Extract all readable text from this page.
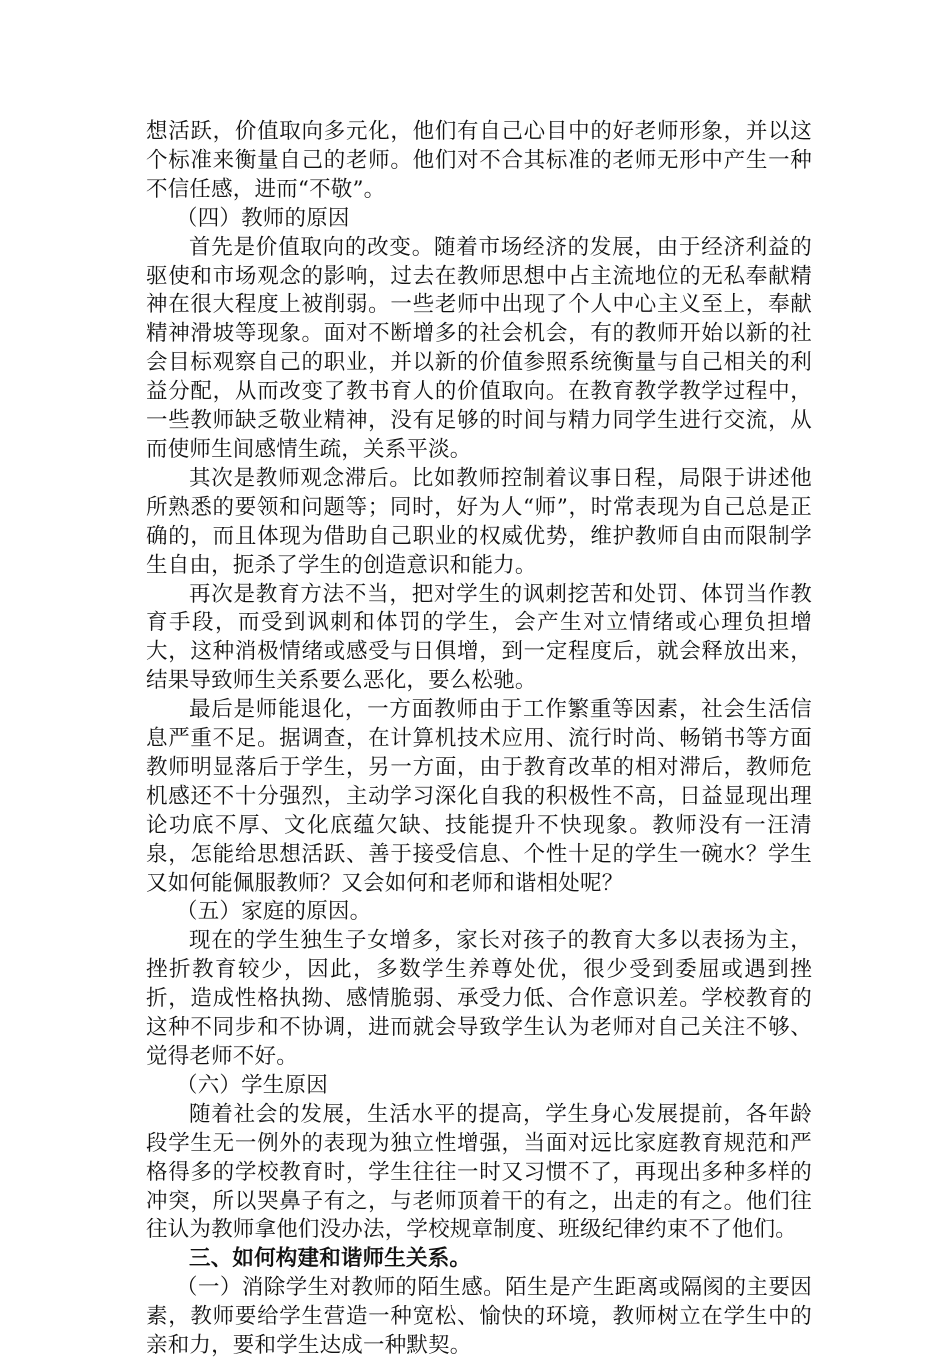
想活跃，价值取向多元化，他们有自己心目中的好老师形象，并以这个标准来衡量自己的老师。他们对不合其标准的老师无形中产生一种不信任感，进而“不敬”。

（四）教师的原因

首先是价值取向的改变。随着市场经济的发展，由于经济利益的驱使和市场观念的影响，过去在教师思想中占主流地位的无私奉献精神在很大程度上被削弱。一些老师中出现了个人中心主义至上，奉献精神滑坡等现象。面对不断增多的社会机会，有的教师开始以新的社会目标观察自己的职业，并以新的价值参照系统衡量与自己相关的利益分配，从而改变了教书育人的价值取向。在教育教学教学过程中，一些教师缺乏敬业精神，没有足够的时间与精力同学生进行交流，从而使师生间感情生疏，关系平淡。

其次是教师观念滞后。比如教师控制着议事日程，局限于讲述他所熟悉的要领和问题等；同时，好为人“师”，时常表现为自己总是正确的，而且体现为借助自己职业的权威优势，维护教师自由而限制学生自由，扼杀了学生的创造意识和能力。

再次是教育方法不当，把对学生的讽刺挖苦和处罚、体罚当作教育手段，而受到讽刺和体罚的学生，会产生对立情绪或心理负担增大，这种消极情绪或感受与日俱增，到一定程度后，就会释放出来，结果导致师生关系要么恶化，要么松驰。

最后是师能退化，一方面教师由于工作繁重等因素，社会生活信息严重不足。据调查，在计算机技术应用、流行时尚、畅销书等方面教师明显落后于学生，另一方面，由于教育改革的相对滞后，教师危机感还不十分强烈，主动学习深化自我的积极性不高，日益显现出理论功底不厚、文化底蕴欠缺、技能提升不快现象。教师没有一汪清泉，怎能给思想活跃、善于接受信息、个性十足的学生一碗水？学生又如何能佩服教师？又会如何和老师和谐相处呢？

（五）家庭的原因。

现在的学生独生子女增多，家长对孩子的教育大多以表扬为主，挫折教育较少，因此，多数学生养尊处优，很少受到委屈或遇到挫折，造成性格执拗、感情脆弱、承受力低、合作意识差。学校教育的这种不同步和不协调，进而就会导致学生认为老师对自己关注不够、觉得老师不好。

（六）学生原因

随着社会的发展，生活水平的提高，学生身心发展提前，各年龄段学生无一例外的表现为独立性增强，当面对远比家庭教育规范和严格得多的学校教育时，学生往往一时又习惯不了，再现出多种多样的冲突，所以哭鼻子有之，与老师顶着干的有之，出走的有之。他们往往认为教师拿他们没办法，学校规章制度、班级纪律约束不了他们。

三、如何构建和谐师生关系。

（一）消除学生对教师的陌生感。陌生是产生距离或隔阂的主要因素，教师要给学生营造一种宽松、愉快的环境，教师树立在学生中的亲和力，要和学生达成一种默契。
